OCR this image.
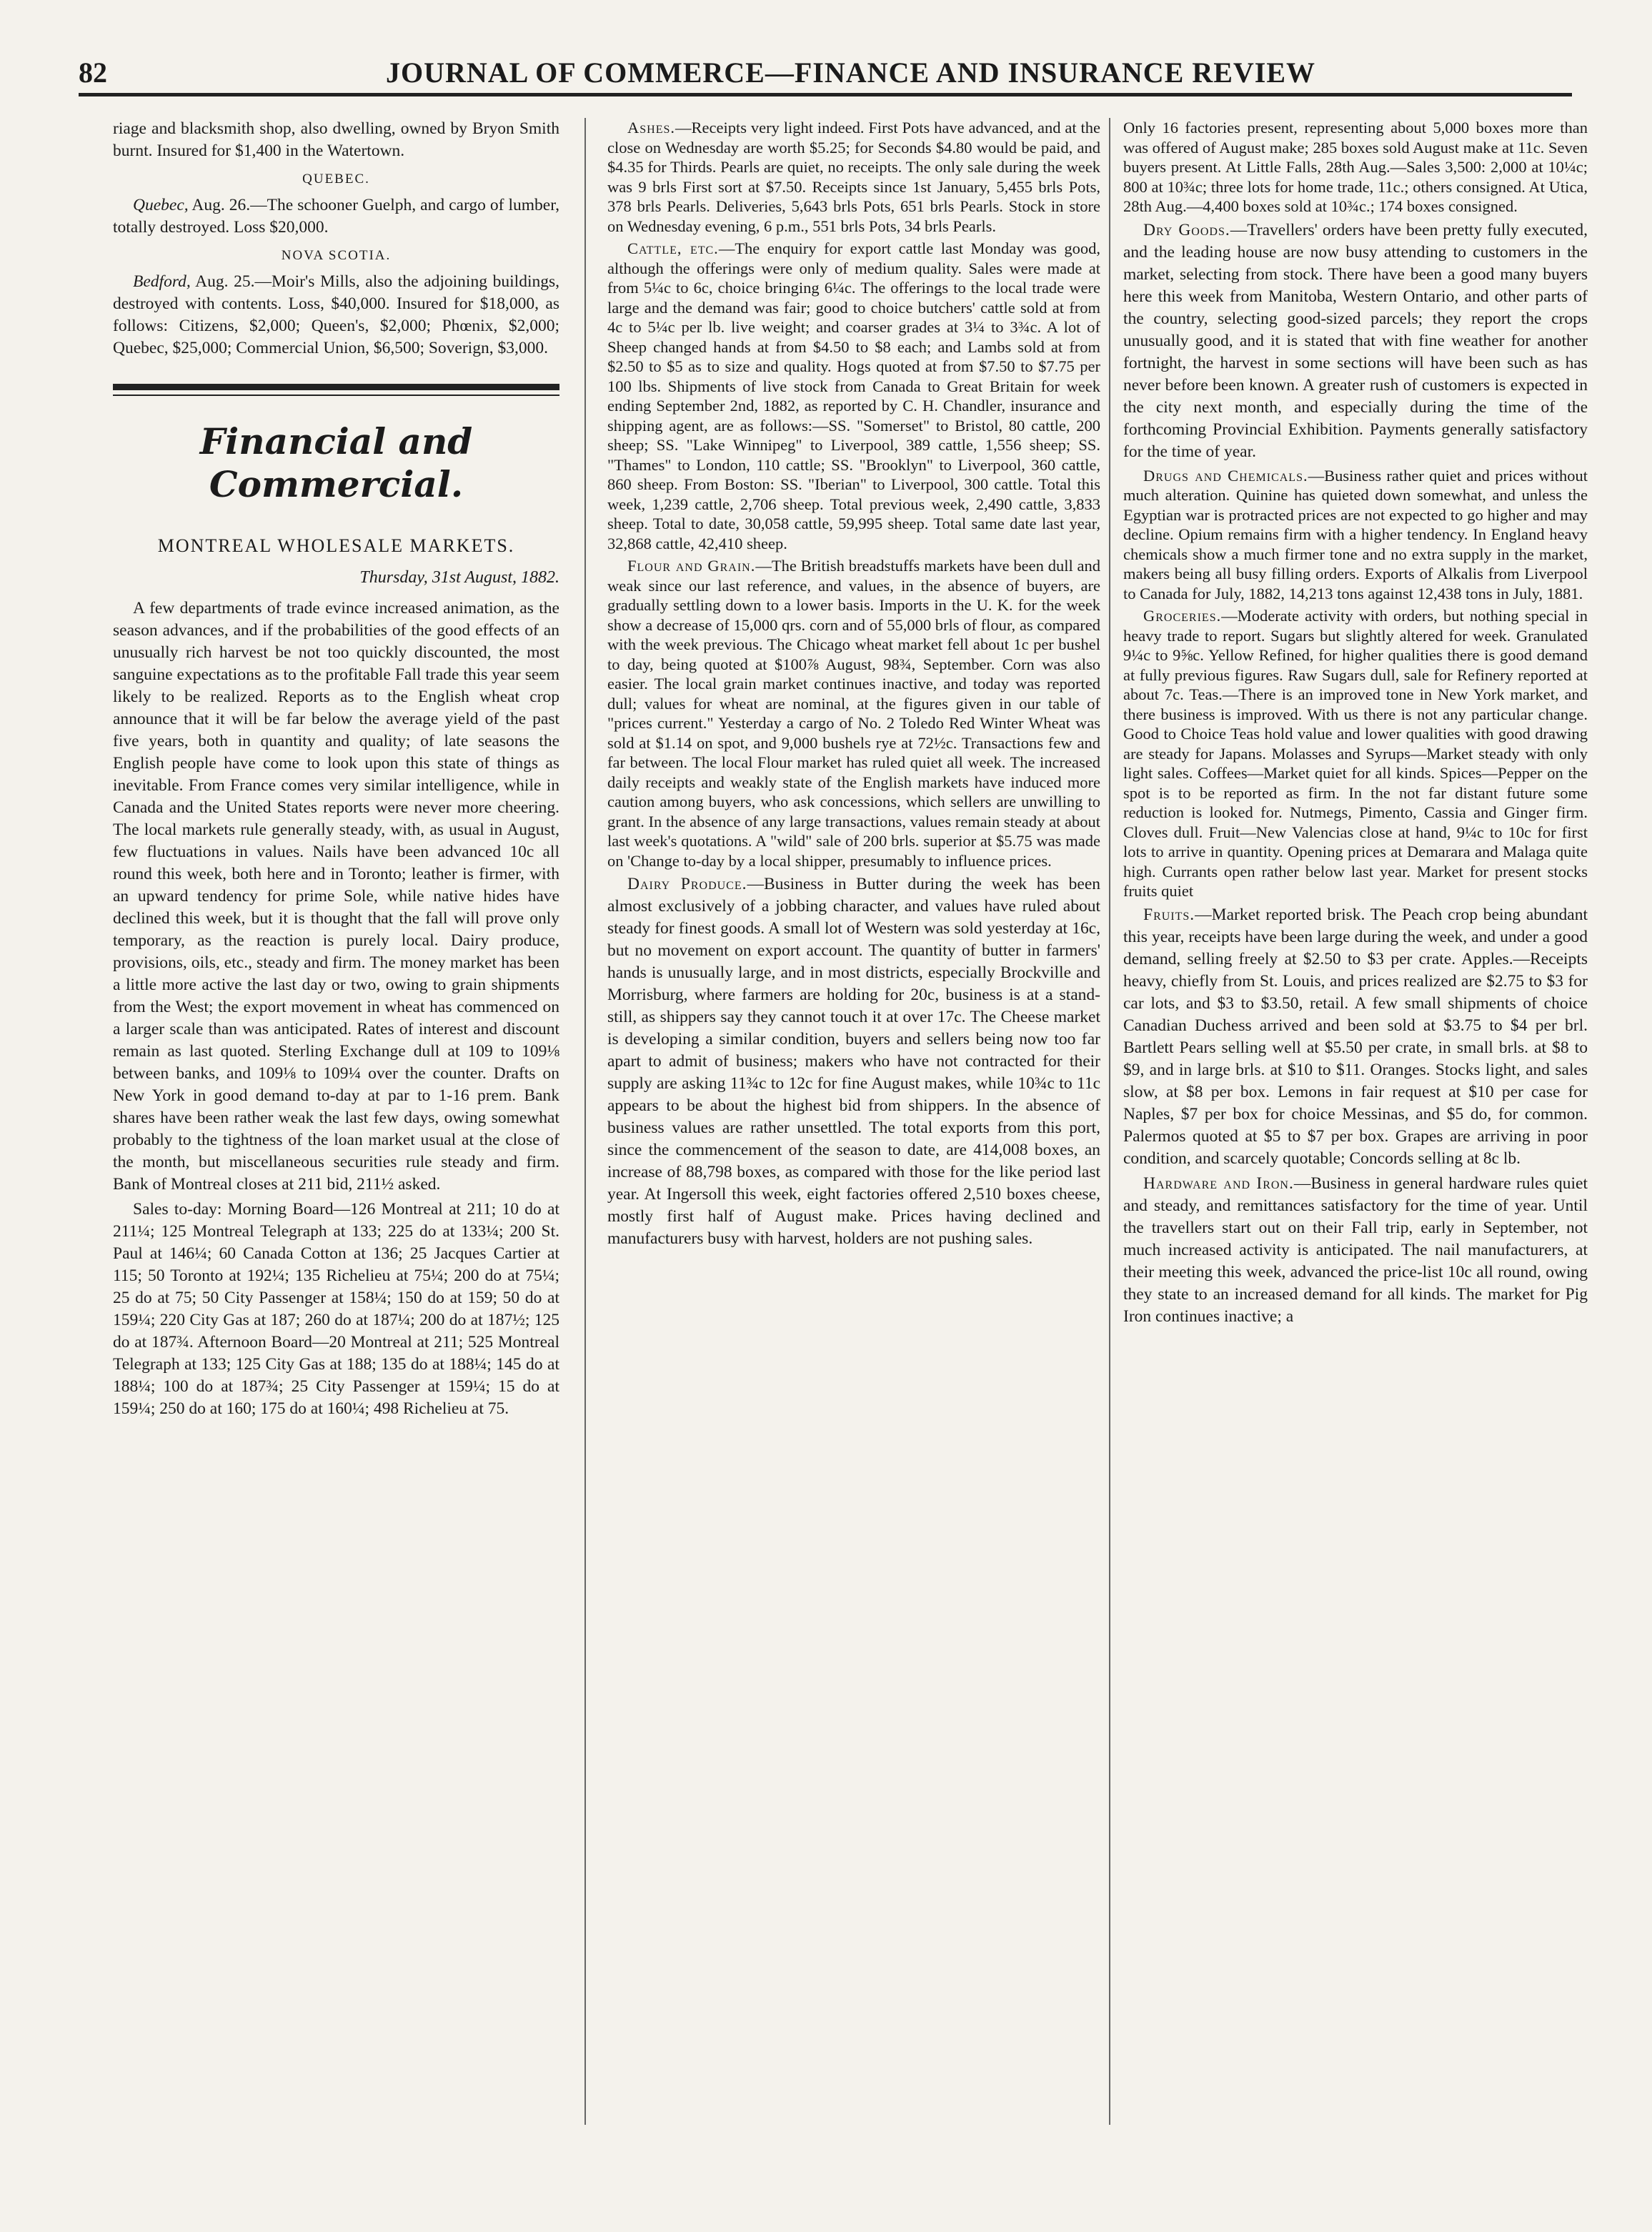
82	JOURNAL OF COMMERCE—FINANCE AND INSURANCE REVIEW

riage and blacksmith shop, also dwelling, owned by Bryon Smith burnt. Insured for $1,400 in the Watertown.

QUEBEC.

Quebec, Aug. 26.—The schooner Guelph, and cargo of lumber, totally destroyed. Loss $20,000.

NOVA SCOTIA.

Bedford, Aug. 25.—Moir's Mills, also the adjoining buildings, destroyed with contents. Loss, $40,000. Insured for $18,000, as follows: Citizens, $2,000; Queen's, $2,000; Phœnix, $2,000; Quebec, $25,000; Commercial Union, $6,500; Soverign, $3,000.

Financial and Commercial.
MONTREAL WHOLESALE MARKETS.
Thursday, 31st August, 1882.

A few departments of trade evince increased animation, as the season advances, and if the probabilities of the good effects of an unusually rich harvest be not too quickly discounted, the most sanguine expectations as to the profitable Fall trade this year seem likely to be realized. Reports as to the English wheat crop announce that it will be far below the average yield of the past five years, both in quantity and quality; of late seasons the English people have come to look upon this state of things as inevitable. From France comes very similar intelligence, while in Canada and the United States reports were never more cheering. The local markets rule generally steady, with, as usual in August, few fluctuations in values. Nails have been advanced 10c all round this week, both here and in Toronto; leather is firmer, with an upward tendency for prime Sole, while native hides have declined this week, but it is thought that the fall will prove only temporary, as the reaction is purely local. Dairy produce, provisions, oils, etc., steady and firm. The money market has been a little more active the last day or two, owing to grain shipments from the West; the export movement in wheat has commenced on a larger scale than was anticipated. Rates of interest and discount remain as last quoted. Sterling Exchange dull at 109 to 109⅛ between banks, and 109⅛ to 109¼ over the counter. Drafts on New York in good demand to-day at par to 1-16 prem. Bank shares have been rather weak the last few days, owing somewhat probably to the tightness of the loan market usual at the close of the month, but miscellaneous securities rule steady and firm. Bank of Montreal closes at 211 bid, 211½ asked.

Sales to-day: Morning Board—126 Montreal at 211; 10 do at 211¼; 125 Montreal Telegraph at 133; 225 do at 133¼; 200 St. Paul at 146¼; 60 Canada Cotton at 136; 25 Jacques Cartier at 115; 50 Toronto at 192¼; 135 Richelieu at 75¼; 200 do at 75¼; 25 do at 75; 50 City Passenger at 158¼; 150 do at 159; 50 do at 159¼; 220 City Gas at 187; 260 do at 187¼; 200 do at 187½; 125 do at 187¾. Afternoon Board—20 Montreal at 211; 525 Montreal Telegraph at 133; 125 City Gas at 188; 135 do at 188¼; 145 do at 188¼; 100 do at 187¾; 25 City Passenger at 159¼; 15 do at 159¼; 250 do at 160; 175 do at 160¼; 498 Richelieu at 75.

Ashes.—Receipts very light indeed. First Pots have advanced, and at the close on Wednesday are worth $5.25; for Seconds $4.80 would be paid, and $4.35 for Thirds. Pearls are quiet, no receipts. The only sale during the week was 9 brls First sort at $7.50. Receipts since 1st January, 5,455 brls Pots, 378 brls Pearls. Deliveries, 5,643 brls Pots, 651 brls Pearls. Stock in store on Wednesday evening, 6 p.m., 551 brls Pots, 34 brls Pearls.

Cattle, etc.—The enquiry for export cattle last Monday was good, although the offerings were only of medium quality. Sales were made at from 5¼c to 6c, choice bringing 6¼c. The offerings to the local trade were large and the demand was fair; good to choice butchers' cattle sold at from 4c to 5¼c per lb. live weight; and coarser grades at 3¼ to 3¾c. A lot of Sheep changed hands at from $4.50 to $8 each; and Lambs sold at from $2.50 to $5 as to size and quality. Hogs quoted at from $7.50 to $7.75 per 100 lbs. Shipments of live stock from Canada to Great Britain for week ending September 2nd, 1882, as reported by C. H. Chandler, insurance and shipping agent, are as follows:—SS. "Somerset" to Bristol, 80 cattle, 200 sheep; SS. "Lake Winnipeg" to Liverpool, 389 cattle, 1,556 sheep; SS. "Thames" to London, 110 cattle; SS. "Brooklyn" to Liverpool, 360 cattle, 860 sheep. From Boston: SS. "Iberian" to Liverpool, 300 cattle. Total this week, 1,239 cattle, 2,706 sheep. Total previous week, 2,490 cattle, 3,833 sheep. Total to date, 30,058 cattle, 59,995 sheep. Total same date last year, 32,868 cattle, 42,410 sheep.

Flour and Grain.—The British breadstuffs markets have been dull and weak since our last reference, and values, in the absence of buyers, are gradually settling down to a lower basis. Imports in the U. K. for the week show a decrease of 15,000 qrs. corn and of 55,000 brls of flour, as compared with the week previous. The Chicago wheat market fell about 1c per bushel to day, being quoted at $100⅞ August, 98¾, September. Corn was also easier. The local grain market continues inactive, and today was reported dull; values for wheat are nominal, at the figures given in our table of "prices current." Yesterday a cargo of No. 2 Toledo Red Winter Wheat was sold at $1.14 on spot, and 9,000 bushels rye at 72½c. Transactions few and far between. The local Flour market has ruled quiet all week. The increased daily receipts and weakly state of the English markets have induced more caution among buyers, who ask concessions, which sellers are unwilling to grant. In the absence of any large transactions, values remain steady at about last week's quotations. A "wild" sale of 200 brls. superior at $5.75 was made on 'Change to-day by a local shipper, presumably to influence prices.

Dairy Produce.—Business in Butter during the week has been almost exclusively of a jobbing character, and values have ruled about steady for finest goods. A small lot of Western was sold yesterday at 16c, but no movement on export account. The quantity of butter in farmers' hands is unusually large, and in most districts, especially Brockville and Morrisburg, where farmers are holding for 20c, business is at a stand-still, as shippers say they cannot touch it at over 17c. The Cheese market is developing a similar condition, buyers and sellers being now too far apart to admit of business; makers who have not contracted for their supply are asking 11¾c to 12c for fine August makes, while 10¾c to 11c appears to be about the highest bid from shippers. In the absence of business values are rather unsettled. The total exports from this port, since the commencement of the season to date, are 414,008 boxes, an increase of 88,798 boxes, as compared with those for the like period last year. At Ingersoll this week, eight factories offered 2,510 boxes cheese, mostly first half of August make. Prices having declined and manufacturers busy with harvest, holders are not pushing sales.

Only 16 factories present, representing about 5,000 boxes more than was offered of August make; 285 boxes sold August make at 11c. Seven buyers present. At Little Falls, 28th Aug.—Sales 3,500: 2,000 at 10¼c; 800 at 10¾c; three lots for home trade, 11c.; others consigned. At Utica, 28th Aug.—4,400 boxes sold at 10¾c.; 174 boxes consigned.

Dry Goods.—Travellers' orders have been pretty fully executed, and the leading house are now busy attending to customers in the market, selecting from stock. There have been a good many buyers here this week from Manitoba, Western Ontario, and other parts of the country, selecting good-sized parcels; they report the crops unusually good, and it is stated that with fine weather for another fortnight, the harvest in some sections will have been such as has never before been known. A greater rush of customers is expected in the city next month, and especially during the time of the forthcoming Provincial Exhibition. Payments generally satisfactory for the time of year.

Drugs and Chemicals.—Business rather quiet and prices without much alteration. Quinine has quieted down somewhat, and unless the Egyptian war is protracted prices are not expected to go higher and may decline. Opium remains firm with a higher tendency. In England heavy chemicals show a much firmer tone and no extra supply in the market, makers being all busy filling orders. Exports of Alkalis from Liverpool to Canada for July, 1882, 14,213 tons against 12,438 tons in July, 1881.

Groceries.—Moderate activity with orders, but nothing special in heavy trade to report. Sugars but slightly altered for week. Granulated 9¼c to 9⅝c. Yellow Refined, for higher qualities there is good demand at fully previous figures. Raw Sugars dull, sale for Refinery reported at about 7c. Teas.—There is an improved tone in New York market, and there business is improved. With us there is not any particular change. Good to Choice Teas hold value and lower qualities with good drawing are steady for Japans. Molasses and Syrups—Market steady with only light sales. Coffees—Market quiet for all kinds. Spices—Pepper on the spot is to be reported as firm. In the not far distant future some reduction is looked for. Nutmegs, Pimento, Cassia and Ginger firm. Cloves dull. Fruit—New Valencias close at hand, 9¼c to 10c for first lots to arrive in quantity. Opening prices at Demarara and Malaga quite high. Currants open rather below last year. Market for present stocks fruits quiet

Fruits.—Market reported brisk. The Peach crop being abundant this year, receipts have been large during the week, and under a good demand, selling freely at $2.50 to $3 per crate. Apples.—Receipts heavy, chiefly from St. Louis, and prices realized are $2.75 to $3 for car lots, and $3 to $3.50, retail. A few small shipments of choice Canadian Duchess arrived and been sold at $3.75 to $4 per brl. Bartlett Pears selling well at $5.50 per crate, in small brls. at $8 to $9, and in large brls. at $10 to $11. Oranges. Stocks light, and sales slow, at $8 per box. Lemons in fair request at $10 per case for Naples, $7 per box for choice Messinas, and $5 do, for common. Palermos quoted at $5 to $7 per box. Grapes are arriving in poor condition, and scarcely quotable; Concords selling at 8c lb.

Hardware and Iron.—Business in general hardware rules quiet and steady, and remittances satisfactory for the time of year. Until the travellers start out on their Fall trip, early in September, not much increased activity is anticipated. The nail manufacturers, at their meeting this week, advanced the price-list 10c all round, owing they state to an increased demand for all kinds. The market for Pig Iron continues inactive; a
